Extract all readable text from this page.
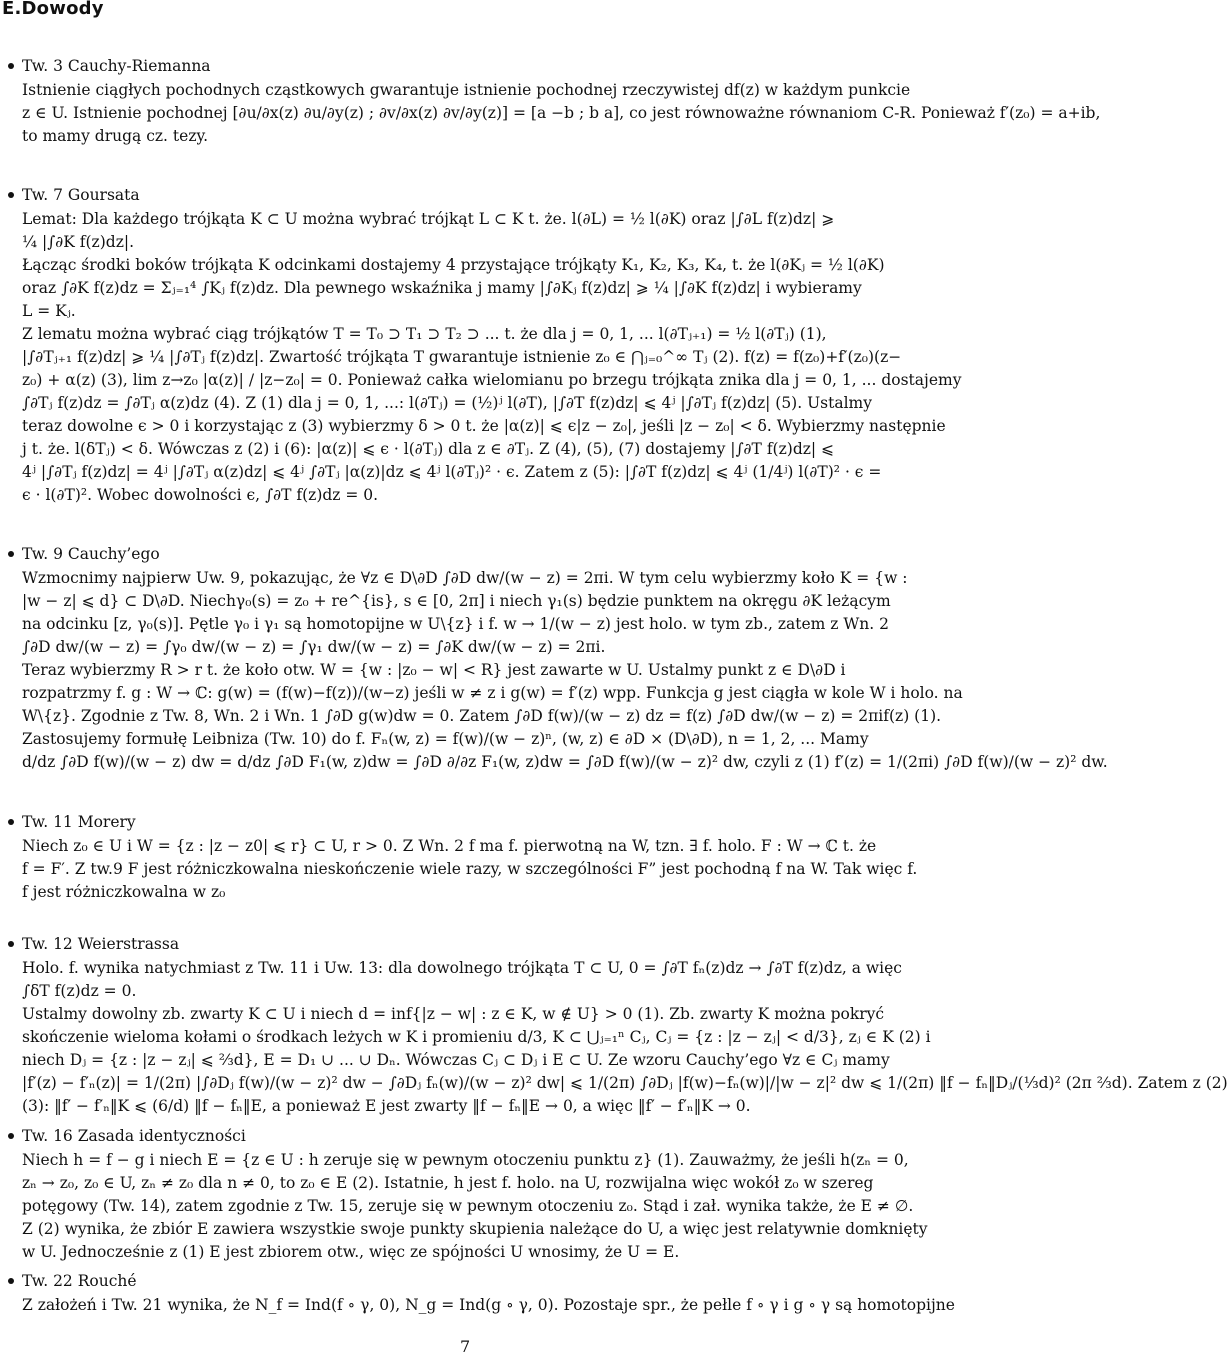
E.Dowody
Tw. 3 Cauchy-Riemanna
Istnienie ciągłych pochodnych cząstkowych gwarantuje istnienie pochodnej rzeczywistej df(z) w każdym punkcie
z ∈ U. Istnienie pochodnej [∂u/∂x(z) ∂u/∂y(z) ; ∂v/∂x(z) ∂v/∂y(z)] = [a −b ; b a], co jest równoważne równaniom C-R. Ponieważ f′(z₀) = a+ib,
to mamy drugą cz. tezy.
Tw. 7 Goursata
Lemat: Dla każdego trójkąta K ⊂ U można wybrać trójkąt L ⊂ K t. że. l(∂L) = ½ l(∂K) oraz |∫∂L f(z)dz| ⩾
¼ |∫∂K f(z)dz|.
Łącząc środki boków trójkąta K odcinkami dostajemy 4 przystające trójkąty K₁, K₂, K₃, K₄, t. że l(∂Kⱼ = ½ l(∂K)
oraz ∫∂K f(z)dz = Σⱼ₌₁⁴ ∫Kⱼ f(z)dz. Dla pewnego wskaźnika j mamy |∫∂Kⱼ f(z)dz| ⩾ ¼ |∫∂K f(z)dz| i wybieramy
L = Kⱼ.
Z lematu można wybrać ciąg trójkątów T = T₀ ⊃ T₁ ⊃ T₂ ⊃ ... t. że dla j = 0, 1, ... l(∂Tⱼ₊₁) = ½ l(∂Tⱼ) (1),
|∫∂Tⱼ₊₁ f(z)dz| ⩾ ¼ |∫∂Tⱼ f(z)dz|. Zwartość trójkąta T gwarantuje istnienie z₀ ∈ ⋂ⱼ₌₀^∞ Tⱼ (2). f(z) = f(z₀)+f′(z₀)(z−
z₀) + α(z) (3), lim z→z₀ |α(z)| / |z−z₀| = 0. Ponieważ całka wielomianu po brzegu trójkąta znika dla j = 0, 1, ... dostajemy
∫∂Tⱼ f(z)dz = ∫∂Tⱼ α(z)dz (4). Z (1) dla j = 0, 1, ...: l(∂Tⱼ) = (½)ʲ l(∂T), |∫∂T f(z)dz| ⩽ 4ʲ |∫∂Tⱼ f(z)dz| (5). Ustalmy
teraz dowolne ϵ > 0 i korzystając z (3) wybierzmy δ > 0 t. że |α(z)| ⩽ ϵ|z − z₀|, jeśli |z − z₀| < δ. Wybierzmy następnie
j t. że. l(δTⱼ) < δ. Wówczas z (2) i (6): |α(z)| ⩽ ϵ · l(∂Tⱼ) dla z ∈ ∂Tⱼ. Z (4), (5), (7) dostajemy |∫∂T f(z)dz| ⩽
4ʲ |∫∂Tⱼ f(z)dz| = 4ʲ |∫∂Tⱼ α(z)dz| ⩽ 4ʲ ∫∂Tⱼ |α(z)|dz ⩽ 4ʲ l(∂Tⱼ)² · ϵ. Zatem z (5): |∫∂T f(z)dz| ⩽ 4ʲ (1/4ʲ) l(∂T)² · ϵ =
ϵ · l(∂T)². Wobec dowolności ϵ, ∫∂T f(z)dz = 0.
Tw. 9 Cauchy’ego
Wzmocnimy najpierw Uw. 9, pokazując, że ∀z ∈ D\∂D ∫∂D dw/(w − z) = 2πi. W tym celu wybierzmy koło K = {w :
|w − z| ⩽ d} ⊂ D\∂D. Niechγ₀(s) = z₀ + re^{is}, s ∈ [0, 2π] i niech γ₁(s) będzie punktem na okręgu ∂K leżącym
na odcinku [z, γ₀(s)]. Pętle γ₀ i γ₁ są homotopijne w U\{z} i f. w → 1/(w − z) jest holo. w tym zb., zatem z Wn. 2
∫∂D dw/(w − z) = ∫γ₀ dw/(w − z) = ∫γ₁ dw/(w − z) = ∫∂K dw/(w − z) = 2πi.
Teraz wybierzmy R > r t. że koło otw. W = {w : |z₀ − w| < R} jest zawarte w U. Ustalmy punkt z ∈ D\∂D i
rozpatrzmy f. g : W → ℂ: g(w) = (f(w)−f(z))/(w−z) jeśli w ≠ z i g(w) = f′(z) wpp. Funkcja g jest ciągła w kole W i holo. na
W\{z}. Zgodnie z Tw. 8, Wn. 2 i Wn. 1 ∫∂D g(w)dw = 0. Zatem ∫∂D f(w)/(w − z) dz = f(z) ∫∂D dw/(w − z) = 2πif(z) (1).
Zastosujemy formułę Leibniza (Tw. 10) do f. Fₙ(w, z) = f(w)/(w − z)ⁿ, (w, z) ∈ ∂D × (D\∂D), n = 1, 2, ... Mamy
d/dz ∫∂D f(w)/(w − z) dw = d/dz ∫∂D F₁(w, z)dw = ∫∂D ∂/∂z F₁(w, z)dw = ∫∂D f(w)/(w − z)² dw, czyli z (1) f′(z) = 1/(2πi) ∫∂D f(w)/(w − z)² dw.
Tw. 11 Morery
Niech z₀ ∈ U i W = {z : |z − z0| ⩽ r} ⊂ U, r > 0. Z Wn. 2 f ma f. pierwotną na W, tzn. ∃ f. holo. F : W → ℂ t. że
f = F′. Z tw.9 F jest różniczkowalna nieskończenie wiele razy, w szczególności F” jest pochodną f na W. Tak więc f.
f jest różniczkowalna w z₀
Tw. 12 Weierstrassa
Holo. f. wynika natychmiast z Tw. 11 i Uw. 13: dla dowolnego trójkąta T ⊂ U, 0 = ∫∂T fₙ(z)dz → ∫∂T f(z)dz, a więc
∫δT f(z)dz = 0.
Ustalmy dowolny zb. zwarty K ⊂ U i niech d = inf{|z − w| : z ∈ K, w ∉ U} > 0 (1). Zb. zwarty K można pokryć
skończenie wieloma kołami o środkach leżych w K i promieniu d/3, K ⊂ ⋃ⱼ₌₁ⁿ Cⱼ, Cⱼ = {z : |z − zⱼ| < d/3}, zⱼ ∈ K (2) i
niech Dⱼ = {z : |z − zⱼ| ⩽ ⅔d}, E = D₁ ∪ ... ∪ Dₙ. Wówczas Cⱼ ⊂ Dⱼ i E ⊂ U. Ze wzoru Cauchy’ego ∀z ∈ Cⱼ mamy
|f′(z) − f′ₙ(z)| = 1/(2π) |∫∂Dⱼ f(w)/(w − z)² dw − ∫∂Dⱼ fₙ(w)/(w − z)² dw| ⩽ 1/(2π) ∫∂Dⱼ |f(w)−fₙ(w)|/|w − z|² dw ⩽ 1/(2π) ‖f − fₙ‖Dⱼ/(⅓d)² (2π ⅔d). Zatem z (2)
(3): ‖f′ − f′ₙ‖K ⩽ (6/d) ‖f − fₙ‖E, a ponieważ E jest zwarty ‖f − fₙ‖E → 0, a więc ‖f′ − f′ₙ‖K → 0.
Tw. 16 Zasada identyczności
Niech h = f − g i niech E = {z ∈ U : h zeruje się w pewnym otoczeniu punktu z} (1). Zauważmy, że jeśli h(zₙ = 0,
zₙ → z₀, z₀ ∈ U, zₙ ≠ z₀ dla n ≠ 0, to z₀ ∈ E (2). Istatnie, h jest f. holo. na U, rozwijalna więc wokół z₀ w szereg
potęgowy (Tw. 14), zatem zgodnie z Tw. 15, zeruje się w pewnym otoczeniu z₀. Stąd i zał. wynika także, że E ≠ ∅.
Z (2) wynika, że zbiór E zawiera wszystkie swoje punkty skupienia należące do U, a więc jest relatywnie domknięty
w U. Jednocześnie z (1) E jest zbiorem otw., więc ze spójności U wnosimy, że U = E.
Tw. 22 Rouché
Z założeń i Tw. 21 wynika, że N_f = Ind(f ∘ γ, 0), N_g = Ind(g ∘ γ, 0). Pozostaje spr., że pełle f ∘ γ i g ∘ γ są homotopijne
7
